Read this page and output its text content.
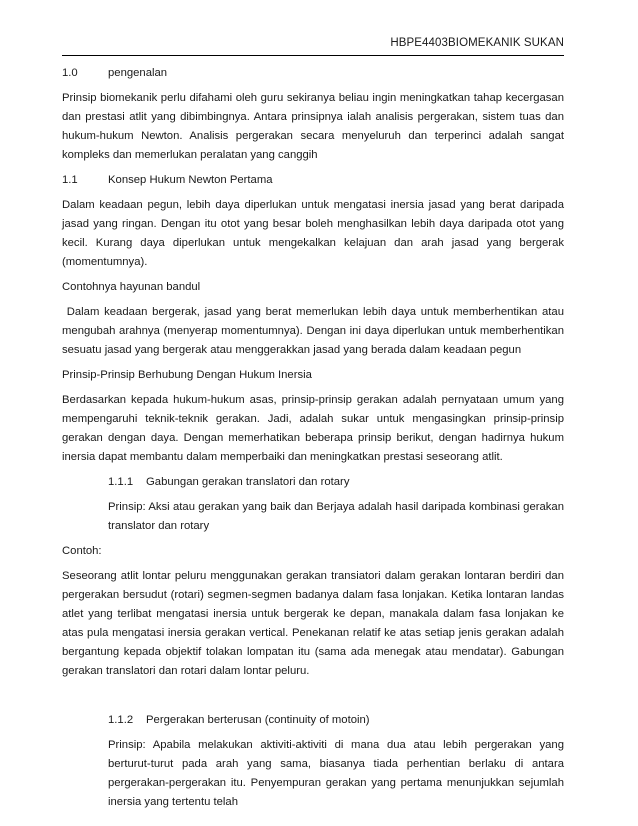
HBPE4403BIOMEKANIK SUKAN
1.0	pengenalan

Prinsip biomekanik perlu difahami oleh guru sekiranya beliau ingin meningkatkan tahap kecergasan dan prestasi atlit yang dibimbingnya. Antara prinsipnya ialah analisis pergerakan, sistem tuas dan hukum-hukum Newton. Analisis pergerakan secara menyeluruh dan terperinci adalah sangat kompleks dan memerlukan peralatan yang canggih

1.1	Konsep Hukum Newton Pertama

Dalam keadaan pegun, lebih daya diperlukan untuk mengatasi inersia jasad yang berat daripada jasad yang ringan. Dengan itu otot yang besar boleh menghasilkan lebih daya daripada otot yang kecil. Kurang daya diperlukan untuk mengekalkan kelajuan dan arah jasad yang bergerak (momentumnya).

Contohnya hayunan bandul

Dalam keadaan bergerak, jasad yang berat memerlukan lebih daya untuk memberhentikan atau mengubah arahnya (menyerap momentumnya). Dengan ini daya diperlukan untuk memberhentikan sesuatu jasad yang bergerak atau menggerakkan jasad yang berada dalam keadaan pegun

Prinsip-Prinsip Berhubung Dengan Hukum Inersia

Berdasarkan kepada hukum-hukum asas, prinsip-prinsip gerakan adalah pernyataan umum yang mempengaruhi teknik-teknik gerakan. Jadi, adalah sukar untuk mengasingkan prinsip-prinsip gerakan dengan daya. Dengan memerhatikan beberapa prinsip berikut, dengan hadirnya hukum inersia dapat membantu dalam memperbaiki dan meningkatkan prestasi seseorang atlit.

1.1.1	Gabungan gerakan translatori dan rotary

Prinsip: Aksi atau gerakan yang baik dan Berjaya adalah hasil daripada kombinasi gerakan translator dan rotary

Contoh:

Seseorang atlit lontar peluru menggunakan gerakan transiatori dalam gerakan lontaran berdiri dan pergerakan bersudut (rotari) segmen-segmen badanya dalam fasa lonjakan. Ketika lontaran landas atlet yang terlibat mengatasi inersia untuk bergerak ke depan, manakala dalam fasa lonjakan ke atas pula mengatasi inersia gerakan vertical. Penekanan relatif ke atas setiap jenis gerakan adalah bergantung kepada objektif tolakan lompatan itu (sama ada menegak atau mendatar). Gabungan gerakan translatori dan rotari dalam lontar peluru.

1.1.2	Pergerakan berterusan (continuity of motoin)

Prinsip: Apabila melakukan aktiviti-aktiviti di mana dua atau lebih pergerakan yang berturut-turut pada arah yang sama, biasanya tiada perhentian berlaku di antara pergerakan-pergerakan itu. Penyempuran gerakan yang pertama menunjukkan sejumlah inersia yang tertentu telah
